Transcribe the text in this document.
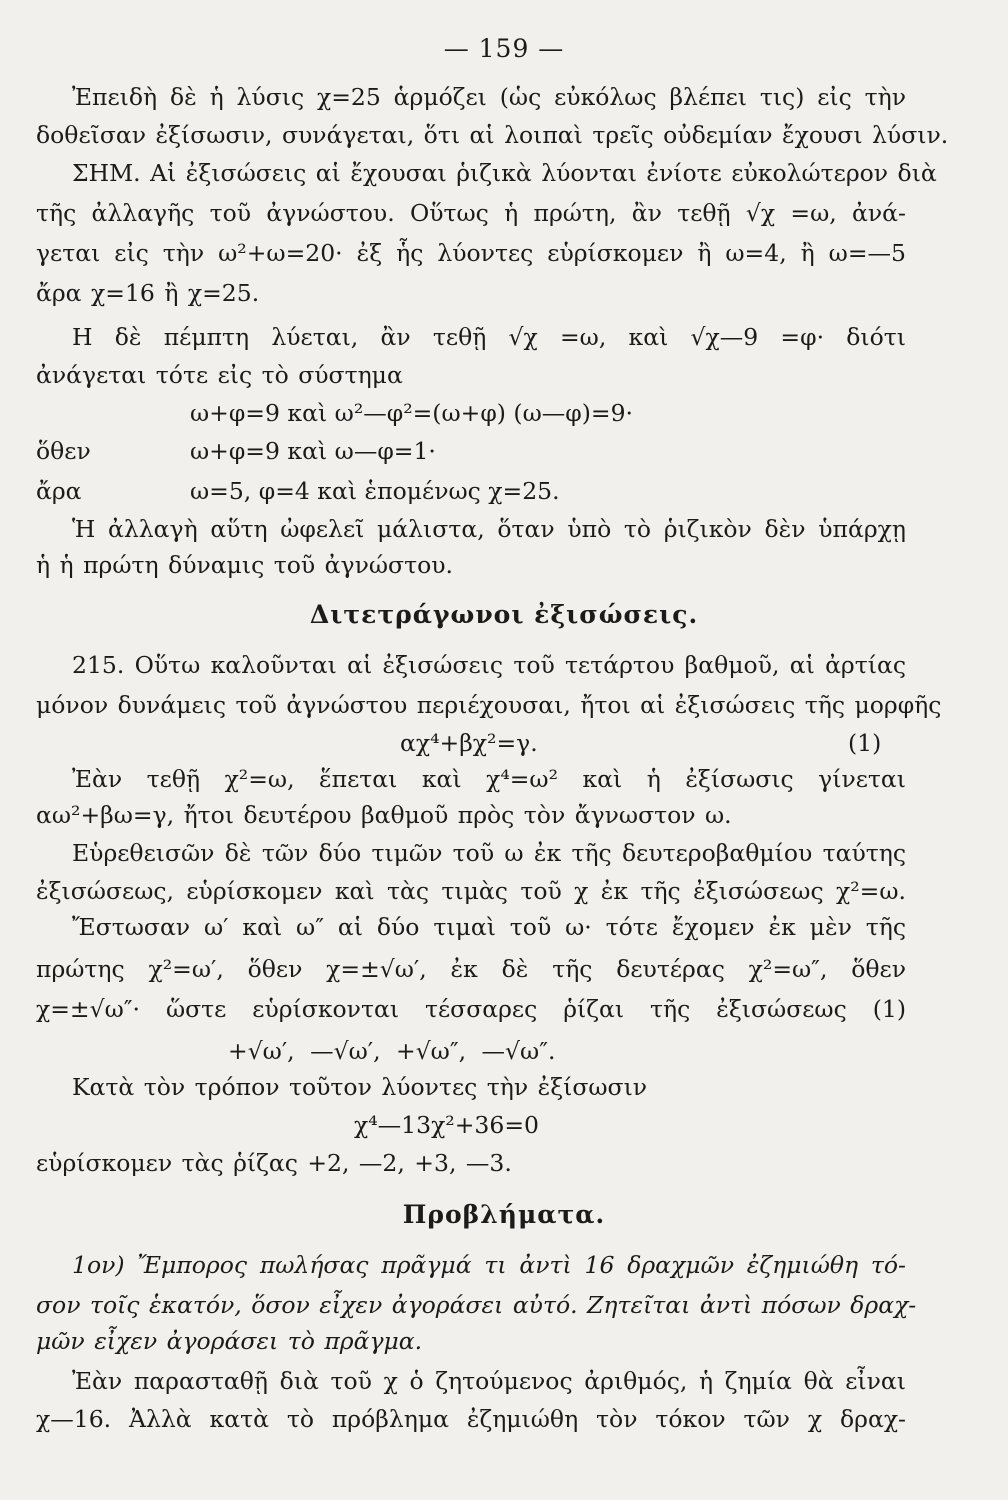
— 159 —
Ἐπειδὴ δὲ ἡ λύσις χ=25 ἁρμόζει (ὡς εὐκόλως βλέπει τις) εἰς τὴν
δοθεῖσαν ἐξίσωσιν, συνάγεται, ὅτι αἱ λοιπαὶ τρεῖς οὐδεμίαν ἔχουσι λύσιν.
ΣΗΜ. Αἱ ἐξισώσεις αἱ ἔχουσαι ῥιζικὰ λύονται ἐνίοτε εὐκολώτερον διὰ
τῆς ἀλλαγῆς τοῦ ἀγνώστου. Οὕτως ἡ πρώτη, ἂν τεθῇ √χ =ω, ἀνά-
γεται εἰς τὴν ω²+ω=20· ἐξ ἧς λύοντες εὑρίσκομεν ἢ ω=4, ἢ ω=—5
ἄρα χ=16 ἢ χ=25.
Η δὲ πέμπτη λύεται, ἂν τεθῇ √χ =ω, καὶ √χ—9 =φ· διότι
ἀνάγεται τότε εἰς τὸ σύστημα
ω+φ=9 καὶ ω²—φ²=(ω+φ) (ω—φ)=9·
ὅθεν	ω+φ=9 καὶ ω—φ=1·
ἄρα	ω=5, φ=4 καὶ ἑπομένως χ=25.
Ἡ ἀλλαγὴ αὕτη ὠφελεῖ μάλιστα, ὅταν ὑπὸ τὸ ῥιζικὸν δὲν ὑπάρχῃ
ἡ ἡ πρώτη δύναμις τοῦ ἀγνώστου.
Διτετράγωνοι ἐξισώσεις.
215. Οὕτω καλοῦνται αἱ ἐξισώσεις τοῦ τετάρτου βαθμοῦ, αἱ ἀρτίας
μόνον δυνάμεις τοῦ ἀγνώστου περιέχουσαι, ἤτοι αἱ ἐξισώσεις τῆς μορφῆς
αχ⁴+βχ²=γ.	(1)
Ἐὰν τεθῇ χ²=ω, ἕπεται καὶ χ⁴=ω² καὶ ἡ ἐξίσωσις γίνεται
αω²+βω=γ, ἤτοι δευτέρου βαθμοῦ πρὸς τὸν ἄγνωστον ω.
Εὑρεθεισῶν δὲ τῶν δύο τιμῶν τοῦ ω ἐκ τῆς δευτεροβαθμίου ταύτης
ἐξισώσεως, εὑρίσκομεν καὶ τὰς τιμὰς τοῦ χ ἐκ τῆς ἐξισώσεως χ²=ω.
Ἔστωσαν ω′ καὶ ω″ αἱ δύο τιμαὶ τοῦ ω· τότε ἔχομεν ἐκ μὲν τῆς
πρώτης χ²=ω′, ὅθεν χ=±√ω′, ἐκ δὲ τῆς δευτέρας χ²=ω″, ὅθεν
χ=±√ω″· ὥστε εὑρίσκονται τέσσαρες ῥίζαι τῆς ἐξισώσεως (1)
+√ω′, —√ω′, +√ω″, —√ω″.
Κατὰ τὸν τρόπον τοῦτον λύοντες τὴν ἐξίσωσιν
χ⁴—13χ²+36=0
εὑρίσκομεν τὰς ῥίζας +2, —2, +3, —3.
Προβλήματα.
1ον) Ἔμπορος πωλήσας πρᾶγμά τι ἀντὶ 16 δραχμῶν ἐζημιώθη τό-
σον τοῖς ἑκατόν, ὅσον εἶχεν ἀγοράσει αὐτό. Ζητεῖται ἀντὶ πόσων δραχ-
μῶν εἶχεν ἀγοράσει τὸ πρᾶγμα.
Ἐὰν παρασταθῇ διὰ τοῦ χ ὁ ζητούμενος ἀριθμός, ἡ ζημία θὰ εἶναι
χ—16. Ἀλλὰ κατὰ τὸ πρόβλημα ἐζημιώθη τὸν τόκον τῶν χ δραχ-
